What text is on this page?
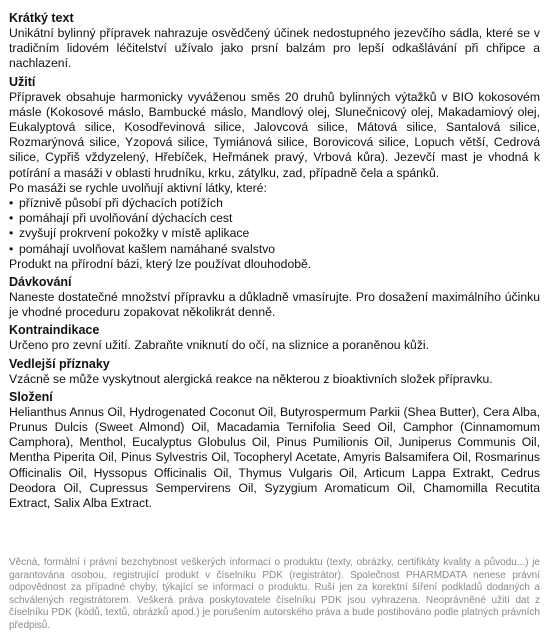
Krátký text

Unikátní bylinný přípravek nahrazuje osvědčený účinek nedostupného jezevčího sádla, které se v tradičním lidovém léčitelství užívalo jako prsní balzám pro lepší odkašlávání při chřipce a nachlazení.

Užití

Přípravek obsahuje harmonicky vyváženou směs 20 druhů bylinných výtažků v BIO kokosovém másle (Kokosové máslo, Bambucké máslo, Mandlový olej, Slunečnicový olej, Makadamiový olej, Eukalyptová silice, Kosodřevinová silice, Jalovcová silice, Mátová silice, Santalová silice, Rozmarýnová silice, Yzopová silice, Tymiánová silice, Borovicová silice, Lopuch větší, Cedrová silice, Cypřiš vždyzelený, Hřebíček, Heřmánek pravý, Vrbová kůra). Jezevčí mast je vhodná k potírání a masáži v oblasti hrudníku, krku, zátylku, zad, případně čela a spánků.

Po masáži se rychle uvolňují aktivní látky, které:

• příznivě působí při dýchacích potížích
• pomáhají při uvolňování dýchacích cest
• zvyšují prokrvení pokožky v místě aplikace
• pomáhají uvolňovat kašlem namáhané svalstvo

Produkt na přírodní bázi, který lze používat dlouhodobě.

Dávkování

Naneste dostatečné množství přípravku a důkladně vmasírujte. Pro dosažení maximálního účinku je vhodné proceduru zopakovat několikrát denně.

Kontraindikace

Určeno pro zevní užití. Zabraňte vniknutí do očí, na sliznice a poraněnou kůži.

Vedlejší příznaky

Vzácně se může vyskytnout alergická reakce na některou z bioaktivních složek přípravku.

Složení

Helianthus Annus Oil, Hydrogenated Coconut Oil, Butyrospermum Parkii (Shea Butter), Cera Alba, Prunus Dulcis (Sweet Almond) Oil, Macadamia Ternifolia Seed Oil, Camphor (Cinnamomum Camphora), Menthol, Eucalyptus Globulus Oil, Pinus Pumilionis Oil, Juniperus Communis Oil, Mentha Piperita Oil, Pinus Sylvestris Oil, Tocopheryl Acetate, Amyris Balsamifera Oil, Rosmarinus Officinalis Oil, Hyssopus Officinalis Oil, Thymus Vulgaris Oil, Articum Lappa Extrakt, Cedrus Deodora Oil, Cupressus Sempervirens Oil, Syzygium Aromaticum Oil, Chamomilla Recutita Extract, Salix Alba Extract.

Věcná, formální i právní bezchybnost veškerých informací o produktu (texty, obrázky, certifikáty kvality a původu...) je garantována osobou, registrující produkt v číselníku PDK (registrátor). Společnost PHARMDATA nenese právní odpovědnost za případné chyby, týkající se informací o produktu. Ruší jen za korektní šíření podkladů dodaných a schválených registrátorem. Veškerá práva poskytovatele číselníku PDK jsou vyhrazena. Neoprávněné užití dat z číselníku PDK (kódů, textů, obrázků apod.) je porušením autorského práva a bude postihováno podle platných právních předpisů.
